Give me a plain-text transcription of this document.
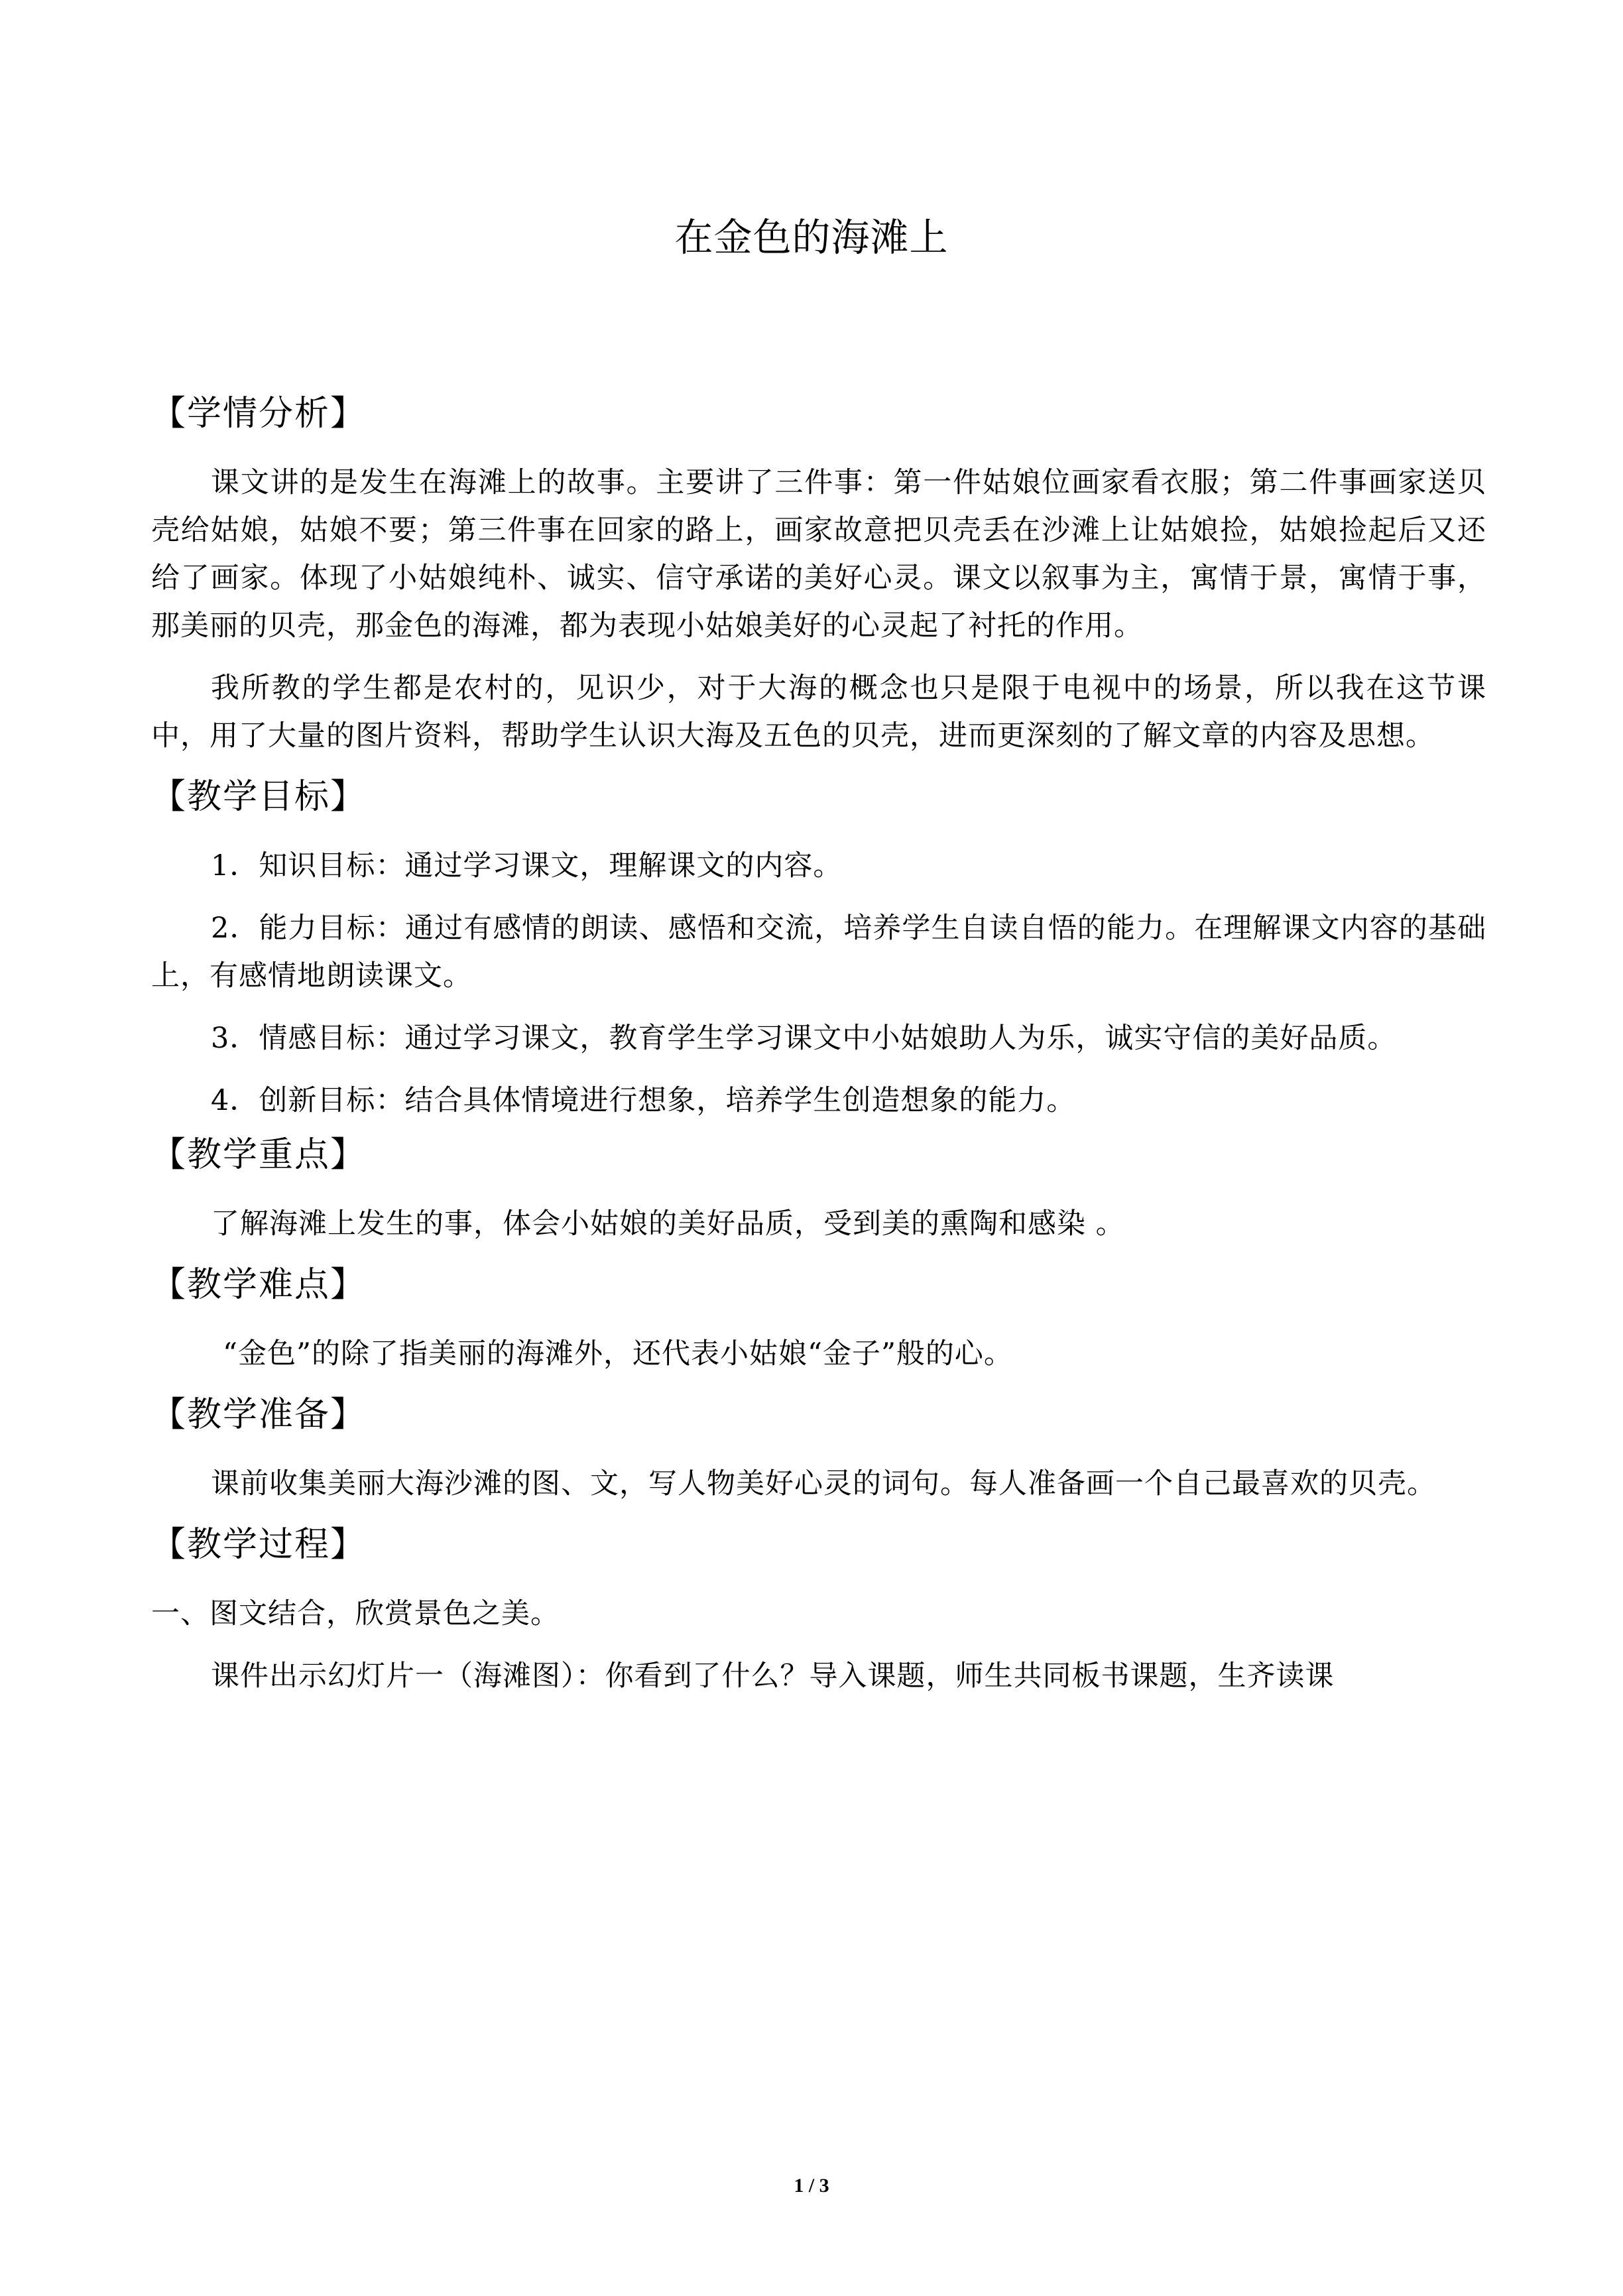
在金色的海滩上
【学情分析】

课文讲的是发生在海滩上的故事。主要讲了三件事：第一件姑娘位画家看衣服；第二件事画家送贝壳给姑娘，姑娘不要；第三件事在回家的路上，画家故意把贝壳丢在沙滩上让姑娘捡，姑娘捡起后又还给了画家。体现了小姑娘纯朴、诚实、信守承诺的美好心灵。课文以叙事为主，寓情于景，寓情于事，那美丽的贝壳，那金色的海滩，都为表现小姑娘美好的心灵起了衬托的作用。

我所教的学生都是农村的，见识少，对于大海的概念也只是限于电视中的场景，所以我在这节课中，用了大量的图片资料，帮助学生认识大海及五色的贝壳，进而更深刻的了解文章的内容及思想。

【教学目标】

1．知识目标：通过学习课文，理解课文的内容。

2．能力目标：通过有感情的朗读、感悟和交流，培养学生自读自悟的能力。在理解课文内容的基础上，有感情地朗读课文。

3．情感目标：通过学习课文，教育学生学习课文中小姑娘助人为乐，诚实守信的美好品质。

4．创新目标：结合具体情境进行想象，培养学生创造想象的能力。

【教学重点】

了解海滩上发生的事，体会小姑娘的美好品质，受到美的熏陶和感染 。

【教学难点】

“金色”的除了指美丽的海滩外，还代表小姑娘“金子”般的心。

【教学准备】

课前收集美丽大海沙滩的图、文，写人物美好心灵的词句。每人准备画一个自己最喜欢的贝壳。

【教学过程】

一、图文结合，欣赏景色之美。

课件出示幻灯片一（海滩图）：你看到了什么？导入课题，师生共同板书课题，生齐读课

1 / 3
